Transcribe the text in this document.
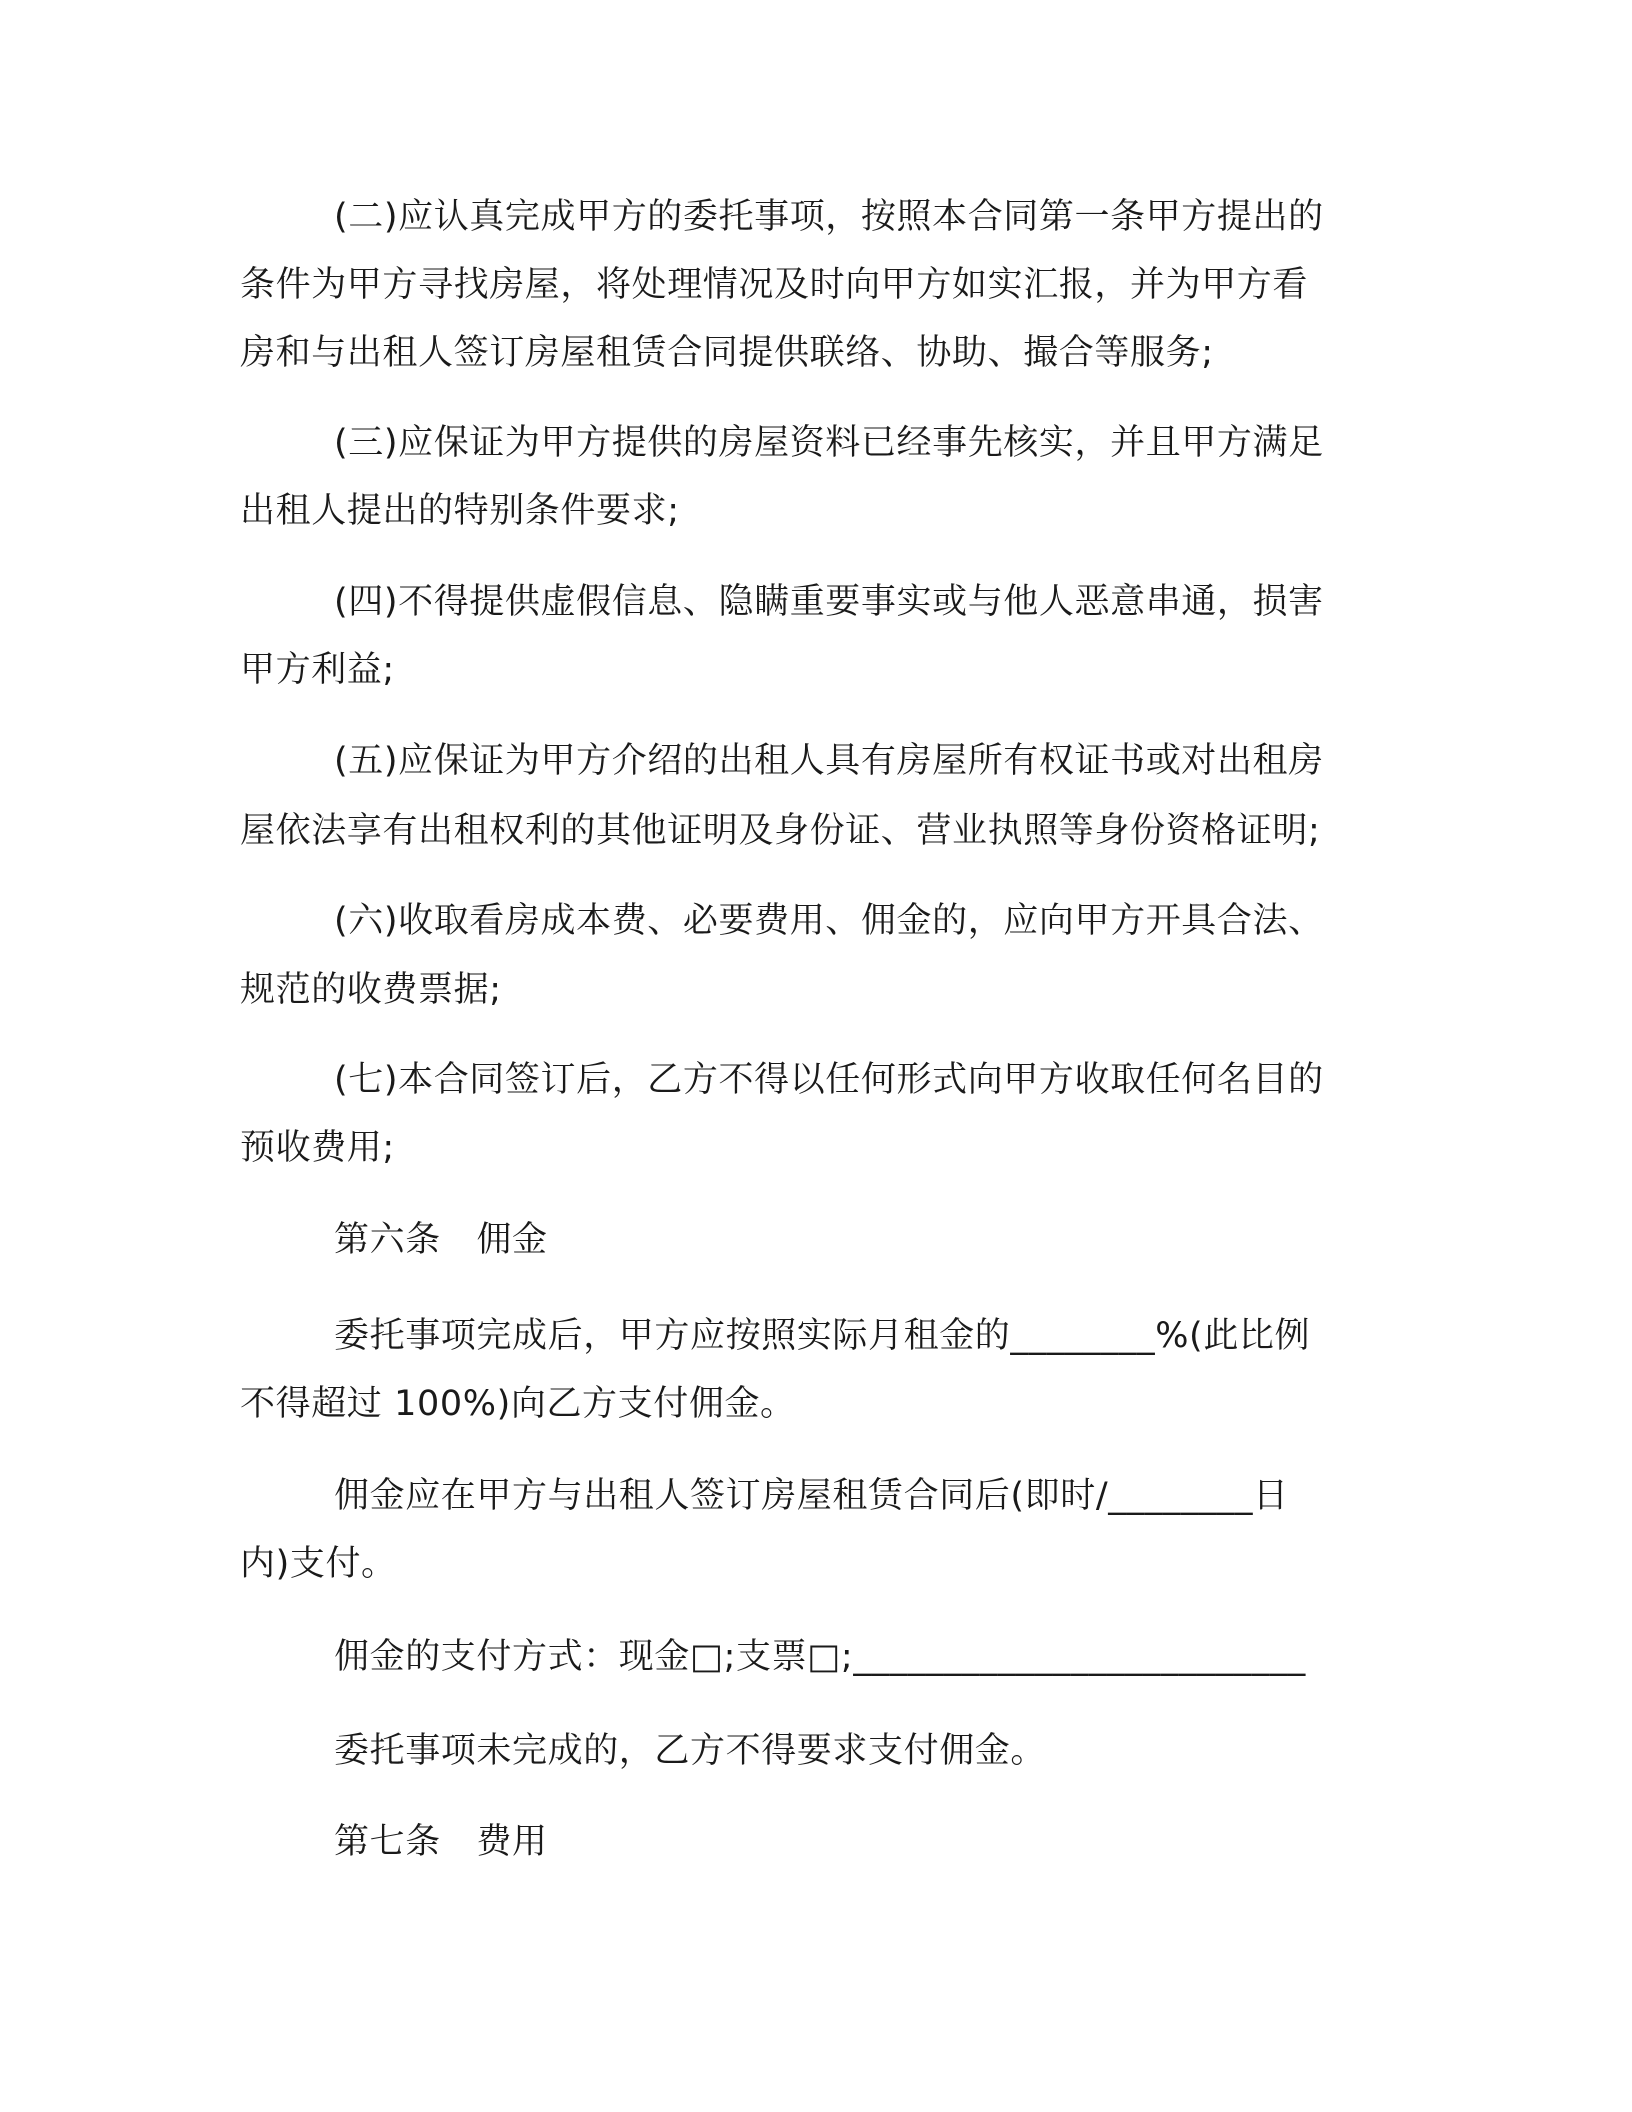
(二)应认真完成甲方的委托事项，按照本合同第一条甲方提出的
条件为甲方寻找房屋，将处理情况及时向甲方如实汇报，并为甲方看
房和与出租人签订房屋租赁合同提供联络、协助、撮合等服务;
(三)应保证为甲方提供的房屋资料已经事先核实，并且甲方满足
出租人提出的特别条件要求;
(四)不得提供虚假信息、隐瞒重要事实或与他人恶意串通，损害
甲方利益;
(五)应保证为甲方介绍的出租人具有房屋所有权证书或对出租房
屋依法享有出租权利的其他证明及身份证、营业执照等身份资格证明;
(六)收取看房成本费、必要费用、佣金的，应向甲方开具合法、
规范的收费票据;
(七)本合同签订后，乙方不得以任何形式向甲方收取任何名目的
预收费用;
第六条　佣金
委托事项完成后，甲方应按照实际月租金的________%(此比例
不得超过 100%)向乙方支付佣金。
佣金应在甲方与出租人签订房屋租赁合同后(即时/________日
内)支付。
佣金的支付方式：现金□;支票□;_________________________
委托事项未完成的，乙方不得要求支付佣金。
第七条　费用
